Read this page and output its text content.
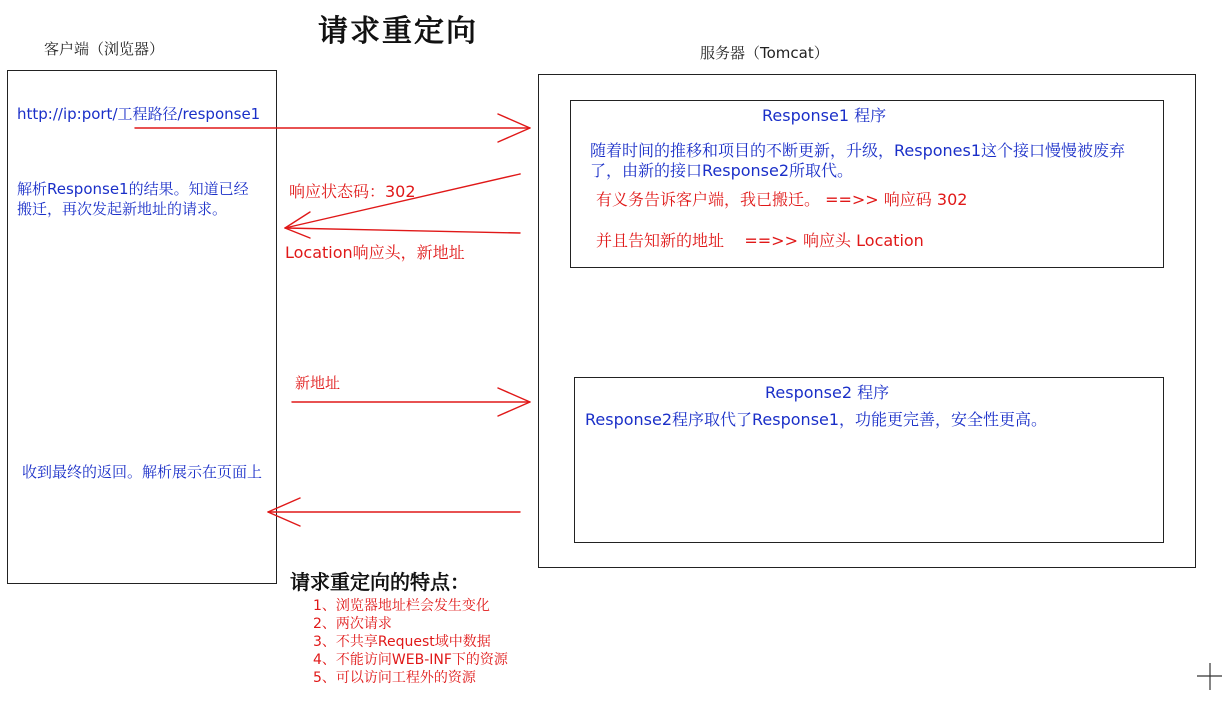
请求重定向
客户端（浏览器）
http://ip:port/工程路径/response1
解析Response1的结果。知道已经搬迁，再次发起新地址的请求。
收到最终的返回。解析展示在页面上
服务器（Tomcat）
Response1 程序
随着时间的推移和项目的不断更新，升级，Respones1这个接口慢慢被废弃了，由新的接口Response2所取代。
有义务告诉客户端，我已搬迁。 ==>> 响应码 302
并且告知新的地址    ==>> 响应头 Location
Response2 程序
Response2程序取代了Response1，功能更完善，安全性更高。
响应状态码：302
Location响应头，新地址
新地址
请求重定向的特点：
1、浏览器地址栏会发生变化
2、两次请求
3、不共享Request域中数据
4、不能访问WEB-INF下的资源
5、可以访问工程外的资源
